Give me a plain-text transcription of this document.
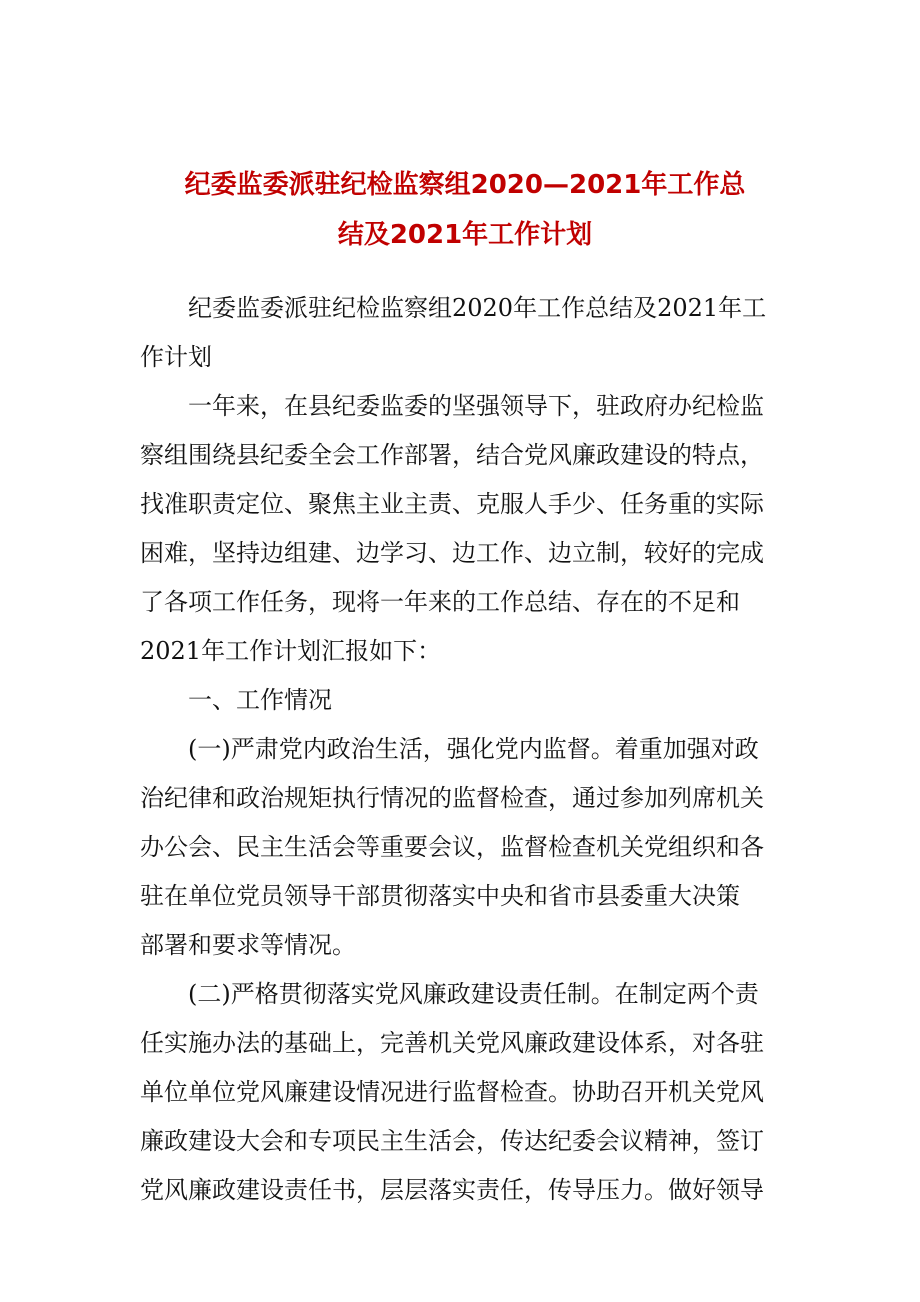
纪委监委派驻纪检监察组2020—2021年工作总
结及2021年工作计划

纪委监委派驻纪检监察组2020年工作总结及2021年工
作计划

一年来，在县纪委监委的坚强领导下，驻政府办纪检监
察组围绕县纪委全会工作部署，结合党风廉政建设的特点，
找准职责定位、聚焦主业主责、克服人手少、任务重的实际
困难，坚持边组建、边学习、边工作、边立制，较好的完成
了各项工作任务，现将一年来的工作总结、存在的不足和
2021年工作计划汇报如下：

一、工作情况

(一)严肃党内政治生活，强化党内监督。着重加强对政
治纪律和政治规矩执行情况的监督检查，通过参加列席机关
办公会、民主生活会等重要会议，监督检查机关党组织和各
驻在单位党员领导干部贯彻落实中央和省市县委重大决策
部署和要求等情况。

(二)严格贯彻落实党风廉政建设责任制。在制定两个责
任实施办法的基础上，完善机关党风廉政建设体系，对各驻
单位单位党风廉建设情况进行监督检查。协助召开机关党风
廉政建设大会和专项民主生活会，传达纪委会议精神，签订
党风廉政建设责任书，层层落实责任，传导压力。做好领导
